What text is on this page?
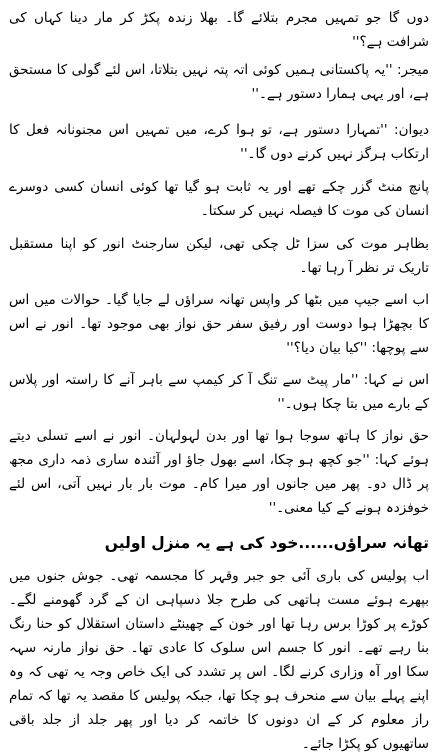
دوں گا جو تمہیں مجرم بتلائے گا۔ بھلا زندہ پکڑ کر مار دینا کہاں کی شرافت ہے؟''

میجر: ''یہ پاکستانی ہمیں کوئی اتہ پتہ نہیں بتلاتا، اس لئے گولی کا مستحق ہے، اور یہی ہمارا دستور ہے۔''

دیوان: ''تمہارا دستور ہے، تو ہوا کرے، میں تمہیں اس مجنونانہ فعل کا ارتکاب ہرگز نہیں کرنے دوں گا۔''

پانچ منٹ گزر چکے تھے اور یہ ثابت ہو گیا تھا کوئی انسان کسی دوسرے انسان کی موت کا فیصلہ نہیں کر سکتا۔

بظاہر موت کی سزا ٹل چکی تھی، لیکن سارجنٹ انور کو اپنا مستقبل تاریک تر نظر آ رہا تھا۔

اب اسے جیپ میں بٹھا کر واپس تھانہ سراؤں لے جایا گیا۔ حوالات میں اس کا بچھڑا ہوا دوست اور رفیق سفر حق نواز بھی موجود تھا۔ انور نے اس سے پوچھا: ''کیا بیان دیا؟''

اس نے کہا: ''مار پیٹ سے تنگ آ کر کیمپ سے باہر آنے کا راستہ اور پلاس کے بارے میں بتا چکا ہوں۔''

حق نواز کا ہاتھ سوجا ہوا تھا اور بدن لہولہان۔ انور نے اسے تسلی دیتے ہوئے کہا: ''جو کچھ ہو چکا، اسے بھول جاؤ اور آئندہ ساری ذمہ داری مجھ پر ڈال دو۔ پھر میں جانوں اور میرا کام۔ موت بار بار نہیں آتی، اس لئے خوفزدہ ہونے کے کیا معنی۔''

تھانہ سراؤں......خود کی ہے یہ منزل اولیں

اب پولیس کی باری آئی جو جبر وقہر کا مجسمہ تھی۔ جوش جنوں میں بپھرے ہوئے مست ہاتھی کی طرح جلا دسپاہی ان کے گرد گھومنے لگے۔ کوڑے پر کوڑا برس رہا تھا اور خون کے چھینٹے داستان استقلال کو حنا رنگ بنا رہے تھے۔ انور کا جسم اس سلوک کا عادی تھا۔ حق نواز مارنہ سہہ سکا اور آہ وزاری کرنے لگا۔ اس پر تشدد کی ایک خاص وجہ یہ تھی کہ وہ اپنے پہلے بیان سے منحرف ہو چکا تھا، جبکہ پولیس کا مقصد یہ تھا کہ تمام راز معلوم کر کے ان دونوں کا خاتمہ کر دیا اور پھر جلد از جلد باقی ساتھیوں کو پکڑا جائے۔
